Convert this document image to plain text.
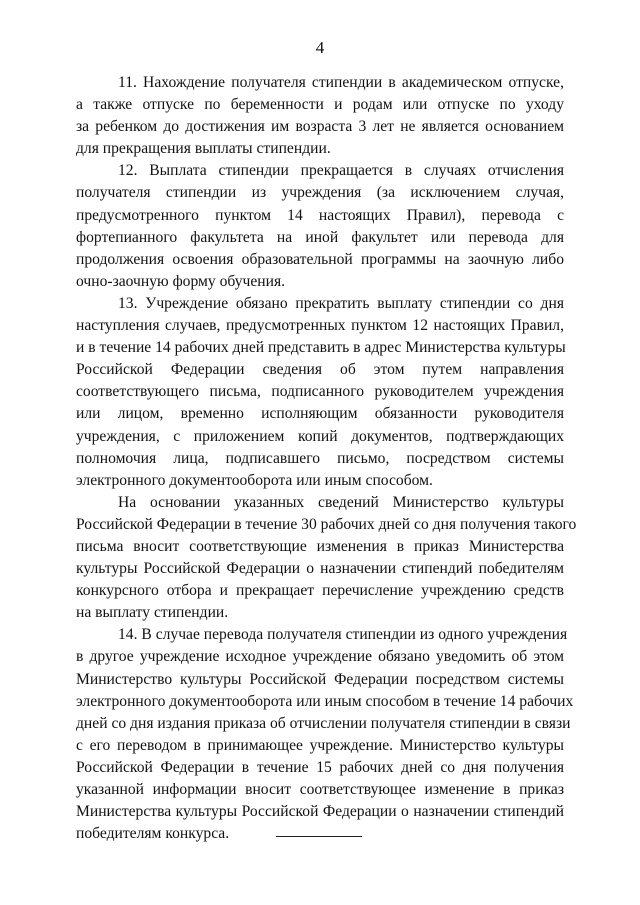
4

11. Нахождение получателя стипендии в академическом отпуске,
а также отпуске по беременности и родам или отпуске по уходу
за ребенком до достижения им возраста 3 лет не является основанием
для прекращения выплаты стипендии.

12. Выплата стипендии прекращается в случаях отчисления
получателя стипендии из учреждения (за исключением случая,
предусмотренного пунктом 14 настоящих Правил), перевода с
фортепианного факультета на иной факультет или перевода для
продолжения освоения образовательной программы на заочную либо
очно-заочную форму обучения.

13. Учреждение обязано прекратить выплату стипендии со дня
наступления случаев, предусмотренных пунктом 12 настоящих Правил,
и в течение 14 рабочих дней представить в адрес Министерства культуры
Российской Федерации сведения об этом путем направления
соответствующего письма, подписанного руководителем учреждения
или лицом, временно исполняющим обязанности руководителя
учреждения, с приложением копий документов, подтверждающих
полномочия лица, подписавшего письмо, посредством системы
электронного документооборота или иным способом.

На основании указанных сведений Министерство культуры
Российской Федерации в течение 30 рабочих дней со дня получения такого
письма вносит соответствующие изменения в приказ Министерства
культуры Российской Федерации о назначении стипендий победителям
конкурсного отбора и прекращает перечисление учреждению средств
на выплату стипендии.

14. В случае перевода получателя стипендии из одного учреждения
в другое учреждение исходное учреждение обязано уведомить об этом
Министерство культуры Российской Федерации посредством системы
электронного документооборота или иным способом в течение 14 рабочих
дней со дня издания приказа об отчислении получателя стипендии в связи
с его переводом в принимающее учреждение. Министерство культуры
Российской Федерации в течение 15 рабочих дней со дня получения
указанной информации вносит соответствующее изменение в приказ
Министерства культуры Российской Федерации о назначении стипендий
победителям конкурса.
